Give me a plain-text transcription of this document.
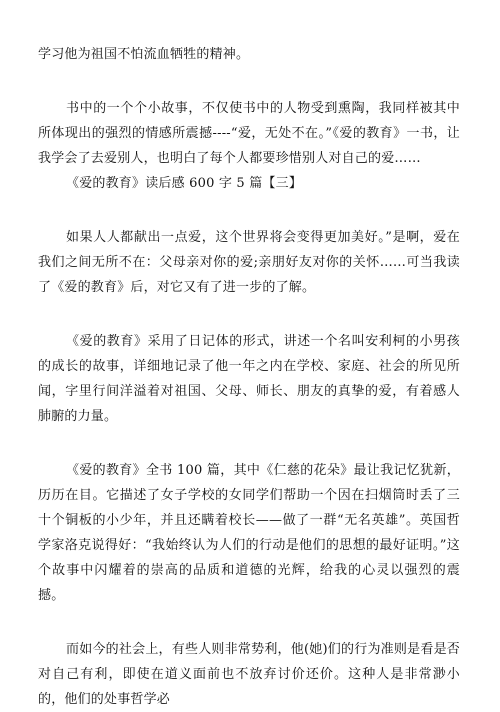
学习他为祖国不怕流血牺牲的精神。

书中的一个个小故事，不仅使书中的人物受到熏陶，我同样被其中所体现出的强烈的情感所震撼----“爱，无处不在。”《爱的教育》一书，让我学会了去爱别人，也明白了每个人都要珍惜别人对自己的爱……

《爱的教育》读后感 600 字 5 篇【三】

如果人人都献出一点爱，这个世界将会变得更加美好。”是啊，爱在我们之间无所不在：父母亲对你的爱;亲朋好友对你的关怀……可当我读了《爱的教育》后，对它又有了进一步的了解。

《爱的教育》采用了日记体的形式，讲述一个名叫安利柯的小男孩的成长的故事，详细地记录了他一年之内在学校、家庭、社会的所见所闻，字里行间洋溢着对祖国、父母、师长、朋友的真挚的爱，有着感人肺腑的力量。

《爱的教育》全书 100 篇，其中《仁慈的花朵》最让我记忆犹新，历历在目。它描述了女子学校的女同学们帮助一个因在扫烟筒时丢了三十个铜板的小少年，并且还瞒着校长——做了一群“无名英雄”。英国哲学家洛克说得好：“我始终认为人们的行动是他们的思想的最好证明。”这个故事中闪耀着的崇高的品质和道德的光辉，给我的心灵以强烈的震撼。

而如今的社会上，有些人则非常势利，他(她)们的行为准则是看是否对自己有利，即使在道义面前也不放弃讨价还价。这种人是非常渺小的，他们的处事哲学必
